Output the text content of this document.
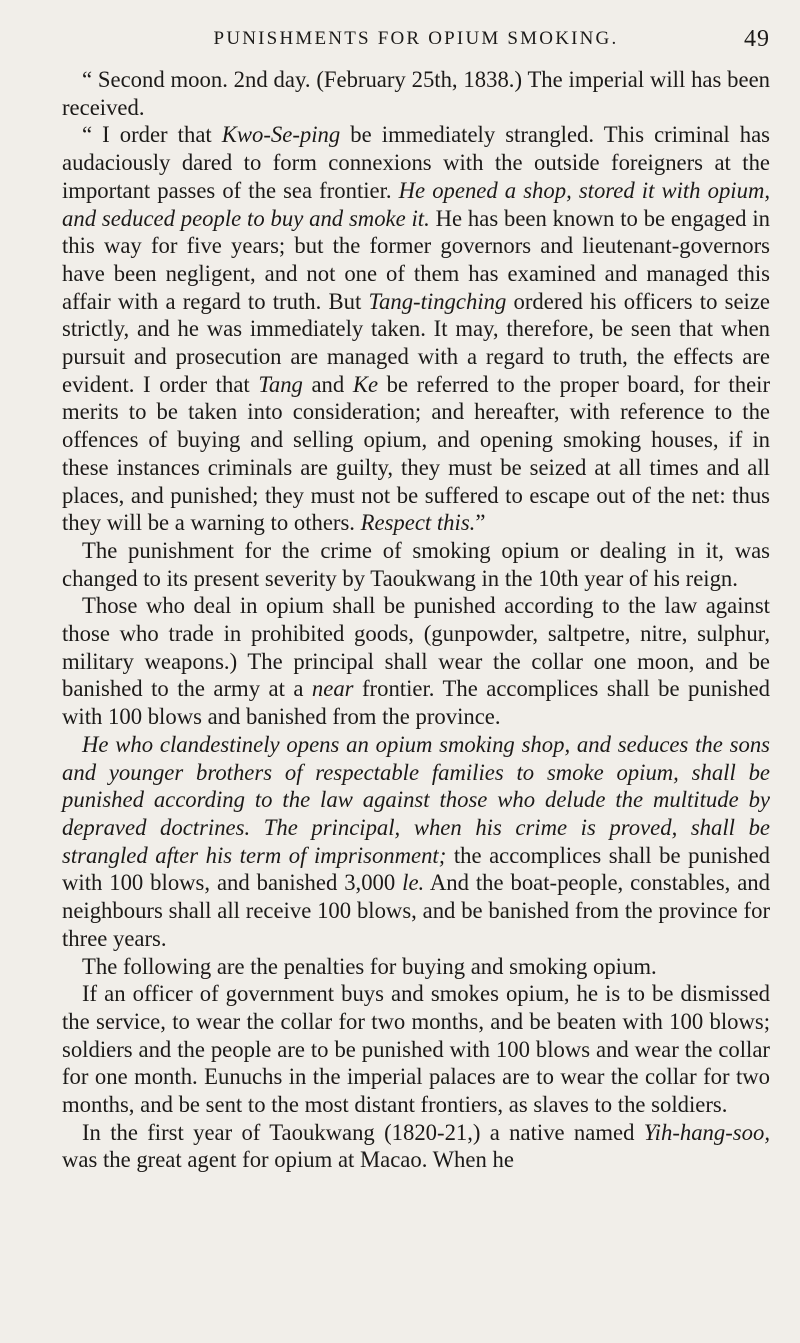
PUNISHMENTS FOR OPIUM SMOKING.	49

“ Second moon. 2nd day. (February 25th, 1838.) The imperial will has been received.

“ I order that Kwo-Se-ping be immediately strangled. This criminal has audaciously dared to form connexions with the outside foreigners at the important passes of the sea frontier. He opened a shop, stored it with opium, and seduced people to buy and smoke it. He has been known to be engaged in this way for five years; but the former governors and lieutenant-governors have been negligent, and not one of them has examined and managed this affair with a regard to truth. But Tang-tingching ordered his officers to seize strictly, and he was immediately taken. It may, therefore, be seen that when pursuit and prosecution are managed with a regard to truth, the effects are evident. I order that Tang and Ke be referred to the proper board, for their merits to be taken into consideration; and hereafter, with reference to the offences of buying and selling opium, and opening smoking houses, if in these instances criminals are guilty, they must be seized at all times and all places, and punished; they must not be suffered to escape out of the net: thus they will be a warning to others. Respect this.”

The punishment for the crime of smoking opium or dealing in it, was changed to its present severity by Taoukwang in the 10th year of his reign.

Those who deal in opium shall be punished according to the law against those who trade in prohibited goods, (gunpowder, saltpetre, nitre, sulphur, military weapons.) The principal shall wear the collar one moon, and be banished to the army at a near frontier. The accomplices shall be punished with 100 blows and banished from the province.

He who clandestinely opens an opium smoking shop, and seduces the sons and younger brothers of respectable families to smoke opium, shall be punished according to the law against those who delude the multitude by depraved doctrines. The principal, when his crime is proved, shall be strangled after his term of imprisonment; the accomplices shall be punished with 100 blows, and banished 3,000 le. And the boat-people, constables, and neighbours shall all receive 100 blows, and be banished from the province for three years.

The following are the penalties for buying and smoking opium.

If an officer of government buys and smokes opium, he is to be dismissed the service, to wear the collar for two months, and be beaten with 100 blows; soldiers and the people are to be punished with 100 blows and wear the collar for one month. Eunuchs in the imperial palaces are to wear the collar for two months, and be sent to the most distant frontiers, as slaves to the soldiers.

In the first year of Taoukwang (1820-21,) a native named Yih-hang-soo, was the great agent for opium at Macao. When he
